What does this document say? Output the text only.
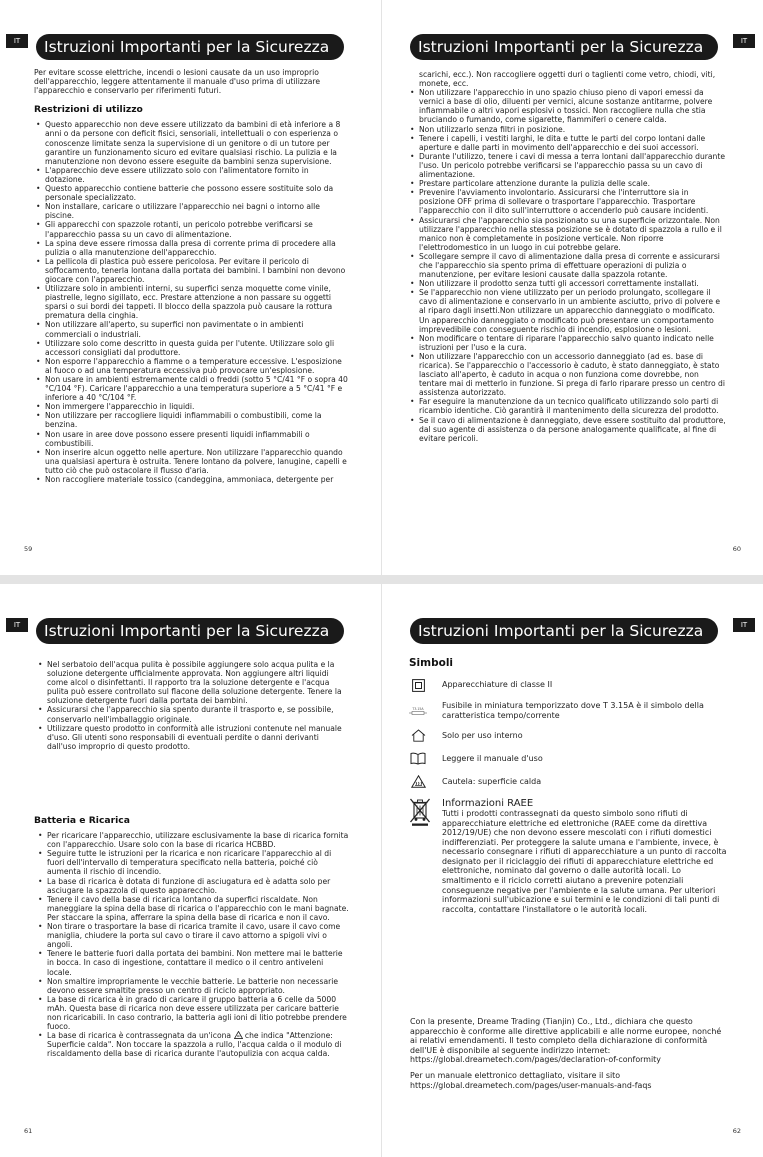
IT	Istruzioni Importanti per la Sicurezza

Per evitare scosse elettriche, incendi o lesioni causate da un uso improprio dell'apparecchio, leggere attentamente il manuale d'uso prima di utilizzare l'apparecchio e conservarlo per riferimenti futuri.

Restrizioni di utilizzo
• Questo apparecchio non deve essere utilizzato da bambini di età inferiore a 8 anni o da persone con deficit fisici, sensoriali, intellettuali o con esperienza o conoscenze limitate senza la supervisione di un genitore o di un tutore per garantire un funzionamento sicuro ed evitare qualsiasi rischio. La pulizia e la manutenzione non devono essere eseguite da bambini senza supervisione.
• L'apparecchio deve essere utilizzato solo con l'alimentatore fornito in dotazione.
• Questo apparecchio contiene batterie che possono essere sostituite solo da personale specializzato.
• Non installare, caricare o utilizzare l'apparecchio nei bagni o intorno alle piscine.
• Gli apparecchi con spazzole rotanti, un pericolo potrebbe verificarsi se l'apparecchio passa su un cavo di alimentazione.
• La spina deve essere rimossa dalla presa di corrente prima di procedere alla pulizia o alla manutenzione dell'apparecchio.
• La pellicola di plastica può essere pericolosa. Per evitare il pericolo di soffocamento, tenerla lontana dalla portata dei bambini. I bambini non devono giocare con l'apparecchio.
• Utilizzare solo in ambienti interni, su superfici senza moquette come vinile, piastrelle, legno sigillato, ecc. Prestare attenzione a non passare su oggetti sparsi o sui bordi dei tappeti. Il blocco della spazzola può causare la rottura prematura della cinghia.
• Non utilizzare all'aperto, su superfici non pavimentate o in ambienti commerciali o industriali.
• Utilizzare solo come descritto in questa guida per l'utente. Utilizzare solo gli accessori consigliati dal produttore.
• Non esporre l'apparecchio a fiamme o a temperature eccessive. L'esposizione al fuoco o ad una temperatura eccessiva può provocare un'esplosione.
• Non usare in ambienti estremamente caldi o freddi (sotto 5 °C/41 °F o sopra 40 °C/104 °F). Caricare l'apparecchio a una temperatura superiore a 5 °C/41 °F e inferiore a 40 °C/104 °F.
• Non immergere l'apparecchio in liquidi.
• Non utilizzare per raccogliere liquidi infiammabili o combustibili, come la benzina.
• Non usare in aree dove possono essere presenti liquidi infiammabili o combustibili.
• Non inserire alcun oggetto nelle aperture. Non utilizzare l'apparecchio quando una qualsiasi apertura è ostruita. Tenere lontano da polvere, lanugine, capelli e tutto ciò che può ostacolare il flusso d'aria.
• Non raccogliere materiale tossico (candeggina, ammoniaca, detergente per
59
IT
Istruzioni Importanti per la Sicurezza

scarichi, ecc.). Non raccogliere oggetti duri o taglienti come vetro, chiodi, viti, monete, ecc.

• Non utilizzare l'apparecchio in uno spazio chiuso pieno di vapori emessi da vernici a base di olio, diluenti per vernici, alcune sostanze antitarme, polvere infiammabile o altri vapori esplosivi o tossici. Non raccogliere nulla che stia bruciando o fumando, come sigarette, fiammiferi o cenere calda.
• Non utilizzarlo senza filtri in posizione.
• Tenere i capelli, i vestiti larghi, le dita e tutte le parti del corpo lontani dalle aperture e dalle parti in movimento dell'apparecchio e dei suoi accessori.
• Durante l'utilizzo, tenere i cavi di messa a terra lontani dall'apparecchio durante l'uso. Un pericolo potrebbe verificarsi se l'apparecchio passa su un cavo di alimentazione.
• Prestare particolare attenzione durante la pulizia delle scale.
• Prevenire l'avviamento involontario. Assicurarsi che l'interruttore sia in posizione OFF prima di sollevare o trasportare l'apparecchio. Trasportare l'apparecchio con il dito sull'interruttore o accenderlo può causare incidenti.
• Assicurarsi che l'apparecchio sia posizionato su una superficie orizzontale. Non utilizzare l'apparecchio nella stessa posizione se è dotato di spazzola a rullo e il manico non è completamente in posizione verticale. Non riporre l'elettrodomestico in un luogo in cui potrebbe gelare.
• Scollegare sempre il cavo di alimentazione dalla presa di corrente e assicurarsi che l'apparecchio sia spento prima di effettuare operazioni di pulizia o manutenzione, per evitare lesioni causate dalla spazzola rotante.
• Non utilizzare il prodotto senza tutti gli accessori correttamente installati.
• Se l'apparecchio non viene utilizzato per un periodo prolungato, scollegare il cavo di alimentazione e conservarlo in un ambiente asciutto, privo di polvere e al riparo dagli insetti.Non utilizzare un apparecchio danneggiato o modificato. Un apparecchio danneggiato o modificato può presentare un comportamento imprevedibile con conseguente rischio di incendio, esplosione o lesioni.
• Non modificare o tentare di riparare l'apparecchio salvo quanto indicato nelle istruzioni per l'uso e la cura.
• Non utilizzare l'apparecchio con un accessorio danneggiato (ad es. base di ricarica). Se l'apparecchio o l'accessorio è caduto, è stato danneggiato, è stato lasciato all'aperto, è caduto in acqua o non funziona come dovrebbe, non tentare mai di metterlo in funzione. Si prega di farlo riparare presso un centro di assistenza autorizzato.
• Far eseguire la manutenzione da un tecnico qualificato utilizzando solo parti di ricambio identiche. Ciò garantirà il mantenimento della sicurezza del prodotto.
• Se il cavo di alimentazione è danneggiato, deve essere sostituito dal produttore, dal suo agente di assistenza o da persone analogamente qualificate, al fine di evitare pericoli.
60
IT	Istruzioni Importanti per la Sicurezza
• Nel serbatoio dell'acqua pulita è possibile aggiungere solo acqua pulita e la soluzione detergente ufficialmente approvata. Non aggiungere altri liquidi come alcol o disinfettanti. Il rapporto tra la soluzione detergente e l'acqua pulita può essere controllato sul flacone della soluzione detergente. Tenere la soluzione detergente fuori dalla portata dei bambini.
• Assicurarsi che l'apparecchio sia spento durante il trasporto e, se possibile, conservarlo nell'imballaggio originale.
• Utilizzare questo prodotto in conformità alle istruzioni contenute nel manuale d'uso. Gli utenti sono responsabili di eventuali perdite o danni derivanti dall'uso improprio di questo prodotto.
Batteria e Ricarica
• Per ricaricare l'apparecchio, utilizzare esclusivamente la base di ricarica fornita con l'apparecchio. Usare solo con la base di ricarica HCBBD.
• Seguire tutte le istruzioni per la ricarica e non ricaricare l'apparecchio al di fuori dell'intervallo di temperatura specificato nella batteria, poiché ciò aumenta il rischio di incendio.
• La base di ricarica è dotata di funzione di asciugatura ed è adatta solo per asciugare la spazzola di questo apparecchio.
• Tenere il cavo della base di ricarica lontano da superfici riscaldate. Non maneggiare la spina della base di ricarica o l'apparecchio con le mani bagnate. Per staccare la spina, afferrare la spina della base di ricarica e non il cavo.
• Non tirare o trasportare la base di ricarica tramite il cavo, usare il cavo come maniglia, chiudere la porta sul cavo o tirare il cavo attorno a spigoli vivi o angoli.
• Tenere le batterie fuori dalla portata dei bambini. Non mettere mai le batterie in bocca. In caso di ingestione, contattare il medico o il centro antiveleni locale.
• Non smaltire impropriamente le vecchie batterie. Le batterie non necessarie devono essere smaltite presso un centro di riciclo appropriato.
• La base di ricarica è in grado di caricare il gruppo batteria a 6 celle da 5000 mAh. Questa base di ricarica non deve essere utilizzata per caricare batterie non ricaricabili. In caso contrario, la batteria agli ioni di litio potrebbe prendere fuoco.
• La base di ricarica è contrassegnata da un'icona che indica "Attenzione: Superficie calda". Non toccare la spazzola a rullo, l'acqua calda o il modulo di riscaldamento della base di ricarica durante l'autopulizia con acqua calda.
61
IT
Istruzioni Importanti per la Sicurezza
Simboli
Apparecchiature di classe II
T3.15A Fusibile in miniatura temporizzato dove T 3.15A è il simbolo della caratteristica tempo/corrente
Solo per uso interno
Leggere il manuale d'uso
Cautela: superficie calda
Informazioni RAEE
Tutti i prodotti contrassegnati da questo simbolo sono rifiuti di apparecchiature elettriche ed elettroniche (RAEE come da direttiva 2012/19/UE) che non devono essere mescolati con i rifiuti domestici indifferenziati. Per proteggere la salute umana e l'ambiente, invece, è necessario consegnare i rifiuti di apparecchiature a un punto di raccolta designato per il riciclaggio dei rifiuti di apparecchiature elettriche ed elettroniche, nominato dal governo o dalle autorità locali. Lo smaltimento e il riciclo corretti aiutano a prevenire potenziali conseguenze negative per l'ambiente e la salute umana. Per ulteriori informazioni sull'ubicazione e sui termini e le condizioni di tali punti di raccolta, contattare l'installatore o le autorità locali.

Con la presente, Dreame Trading (Tianjin) Co., Ltd., dichiara che questo apparecchio è conforme alle direttive applicabili e alle norme europee, nonché ai relativi emendamenti. Il testo completo della dichiarazione di conformità dell'UE è disponibile al seguente indirizzo internet:

https://global.dreametech.com/pages/declaration-of-conformity

Per un manuale elettronico dettagliato, visitare il sito

https://global.dreametech.com/pages/user-manuals-and-faqs

62
